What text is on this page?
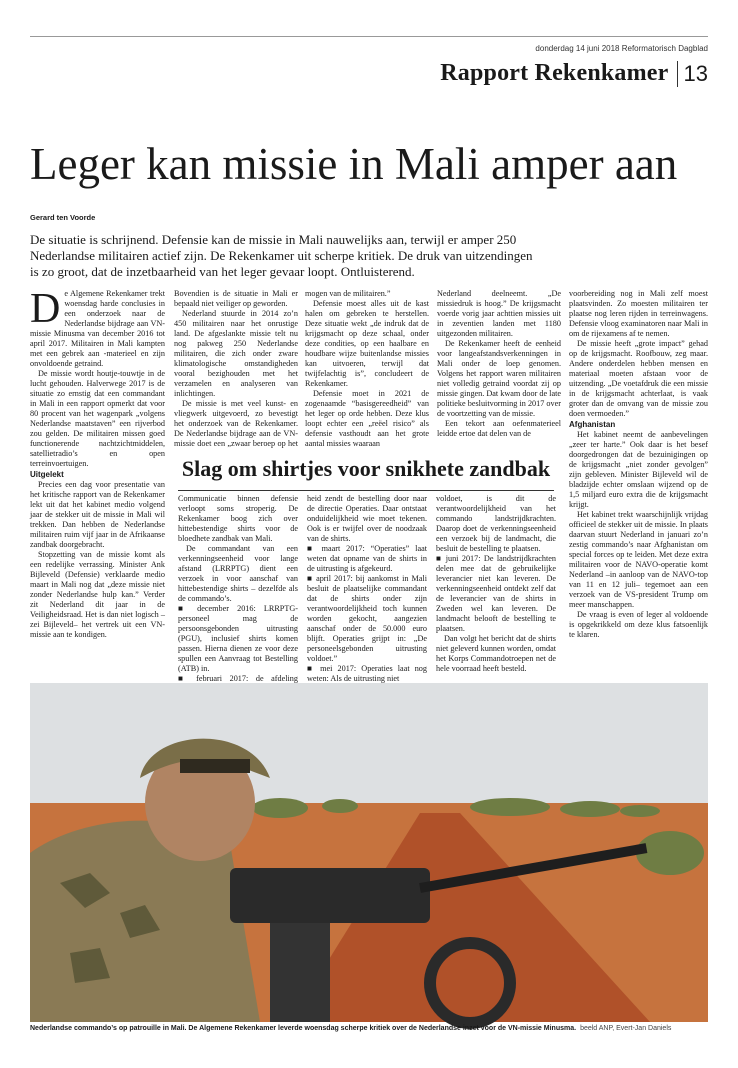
donderdag 14 juni 2018 Reformatorisch Dagblad
Rapport Rekenkamer 13
Leger kan missie in Mali amper aan
Gerard ten Voorde
De situatie is schrijnend. Defensie kan de missie in Mali nauwelijks aan, terwijl er amper 250 Nederlandse militairen actief zijn. De Rekenkamer uit scherpe kritiek. De druk van uitzendingen is zo groot, dat de inzetbaarheid van het leger gevaar loopt. Ontluisterend.
D e Algemene Rekenkamer trekt woensdag harde conclusies in een onderzoek naar de Nederlandse bijdrage aan VN-missie Minusma van december 2016 tot april 2017. Militairen in Mali kampten met een gebrek aan -materieel en zijn onvoldoende getraind.

De missie wordt houtje-touwtje in de lucht gehouden. Halverwege 2017 is de situatie zo ernstig dat een commandant in Mali in een rapport opmerkt dat voor 80 procent van het wagenpark „volgens Nederlandse maatstaven” een rijverbod zou gelden. De militairen missen goed functionerende nachtzichtmiddelen, satellietradio’s en open terreinvoertuigen.

Uitgelekt

Precies een dag voor presentatie van het kritische rapport van de Rekenkamer lekt uit dat het kabinet medio volgend jaar de stekker uit de missie in Mali wil trekken. Dan hebben de Nederlandse militairen ruim vijf jaar in de Afrikaanse zandbak doorgebracht.

Stopzetting van de missie komt als een redelijke verrassing. Minister Ank Bijleveld (Defensie) verklaarde medio maart in Mali nog dat „deze missie niet zonder Nederlandse hulp kan.” Verder zit Nederland dit jaar in de Veiligheidsraad. Het is dan niet logisch –zei Bijleveld– het vertrek uit een VN-missie aan te kondigen.

Bovendien is de situatie in Mali er bepaald niet veiliger op geworden.

Nederland stuurde in 2014 zo’n 450 militairen naar het onrustige land. De afgeslankte missie telt nu nog pakweg 250 Nederlandse militairen, die zich onder zware klimatologische omstandigheden vooral bezighouden met het verzamelen en analyseren van inlichtingen.

De missie is met veel kunst- en vliegwerk uitgevoerd, zo bevestigt het onderzoek van de Rekenkamer. De Nederlandse bijdrage aan de VN-missie doet een „zwaar beroep op het

mogen van de militairen.”

Defensie moest alles uit de kast halen om gebreken te herstellen. Deze situatie wekt „de indruk dat de krijgsmacht op deze schaal, onder deze condities, op een haalbare en houdbare wijze buitenlandse missies kan uitvoeren, terwijl dat twijfelachtig is”, concludeert de Rekenkamer.

Defensie moet in 2021 de zogenaamde “basisgereedheid” van het leger op orde hebben. Deze klus loopt echter een „reëel risico” als defensie vasthoudt aan het grote aantal missies waaraan

Nederland deelneemt. „De missiedruk is hoog.” De krijgsmacht voerde vorig jaar achttien missies uit in zeventien landen met 1180 uitgezonden militairen.

De Rekenkamer heeft de eenheid voor langeafstandsverkenningen in Mali onder de loep genomen. Volgens het rapport waren militairen niet volledig getraind voordat zij op missie gingen. Dat kwam door de late politieke besluitvorming in 2017 over de voortzetting van de missie.

Een tekort aan oefenmaterieel leidde ertoe dat delen van de

voorbereiding nog in Mali zelf moest plaatsvinden. Zo moesten militairen ter plaatse nog leren rijden in terreinwagens. Defensie vloog examinatoren naar Mali in om de rijexamens af te nemen.

De missie heeft „grote impact” gehad op de krijgsmacht. Roofbouw, zeg maar. Andere onderdelen hebben mensen en materiaal moeten afstaan voor de uitzending. „De voetafdruk die een missie in de krijgsmacht achterlaat, is vaak groter dan de omvang van de missie zou doen vermoeden.”

Afghanistan

Het kabinet neemt de aanbevelingen „zeer ter harte.” Ook daar is het besef doorgedrongen dat de bezuinigingen op de krijgsmacht „niet zonder gevolgen” zijn gebleven. Minister Bijleveld wil de bladzijde echter omslaan wijzend op de 1,5 miljard euro extra die de krijgsmacht krijgt.

Het kabinet trekt waarschijnlijk vrijdag officieel de stekker uit de missie. In plaats daarvan stuurt Nederland in januari zo’n zestig commando’s naar Afghanistan om special forces op te leiden. Met deze extra militairen voor de NAVO-operatie komt Nederland –in aanloop van de NAVO-top van 11 en 12 juli– tegemoet aan een verzoek van de VS-president Trump om meer manschappen.

De vraag is even of leger al voldoende is opgekrikkeld om deze klus fatsoenlijk te klaren.

Slag om shirtjes voor snikhete zandbak

Communicatie binnen defensie verloopt soms stroperig. De Rekenkamer boog zich over hittebestendige shirts voor de bloedhete zandbak van Mali.

De commandant van een verkenningseenheid voor lange afstand (LRRPTG) dient een verzoek in voor aanschaf van hittebestendige shirts – dezelfde als de commando’s.

■ december 2016: LRRPTG-personeel mag de persoonsgebonden uitrusting (PGU), inclusief shirts komen passen. Hierna dienen ze voor deze spullen een Aanvraag tot Bestelling (ATB) in.

■ februari 2017: de afdeling

heid zendt de bestelling door naar de directie Operaties. Daar ontstaat onduidelijkheid wie moet tekenen. Ook is er twijfel over de noodzaak van de shirts.

■ maart 2017: “Operaties” laat weten dat opname van de shirts in de uitrusting is afgekeurd.

■ april 2017: bij aankomst in Mali besluit de plaatselijke commandant dat de shirts onder zijn verantwoordelijkheid toch kunnen worden gekocht, aangezien aanschaf onder de 50.000 euro blijft. Operaties grijpt in: „De personeelsgebonden uitrusting voldoet.”

■ mei 2017: Operaties laat nog weten: Als de uitrusting niet

voldoet, is dit de verantwoordelijkheid van het commando landstrijdkrachten. Daarop doet de verkenningseenheid een verzoek bij de landmacht, die besluit de bestelling te plaatsen.

■ juni 2017: De landstrijdkrachten delen mee dat de gebruikelijke leverancier niet kan leveren. De verkenningseenheid ontdekt zelf dat de leverancier van de shirts in Zweden wel kan leveren. De landmacht belooft de bestelling te plaatsen.

Dan volgt het bericht dat de shirts niet geleverd kunnen worden, omdat het Korps Commandotroepen net de hele voorraad heeft besteld.

Nederlandse commando’s op patrouille in Mali. De Algemene Rekenkamer leverde woensdag scherpe kritiek over de Nederlandse inzet voor de VN-missie Minusma. beeld ANP, Evert-Jan Daniels
